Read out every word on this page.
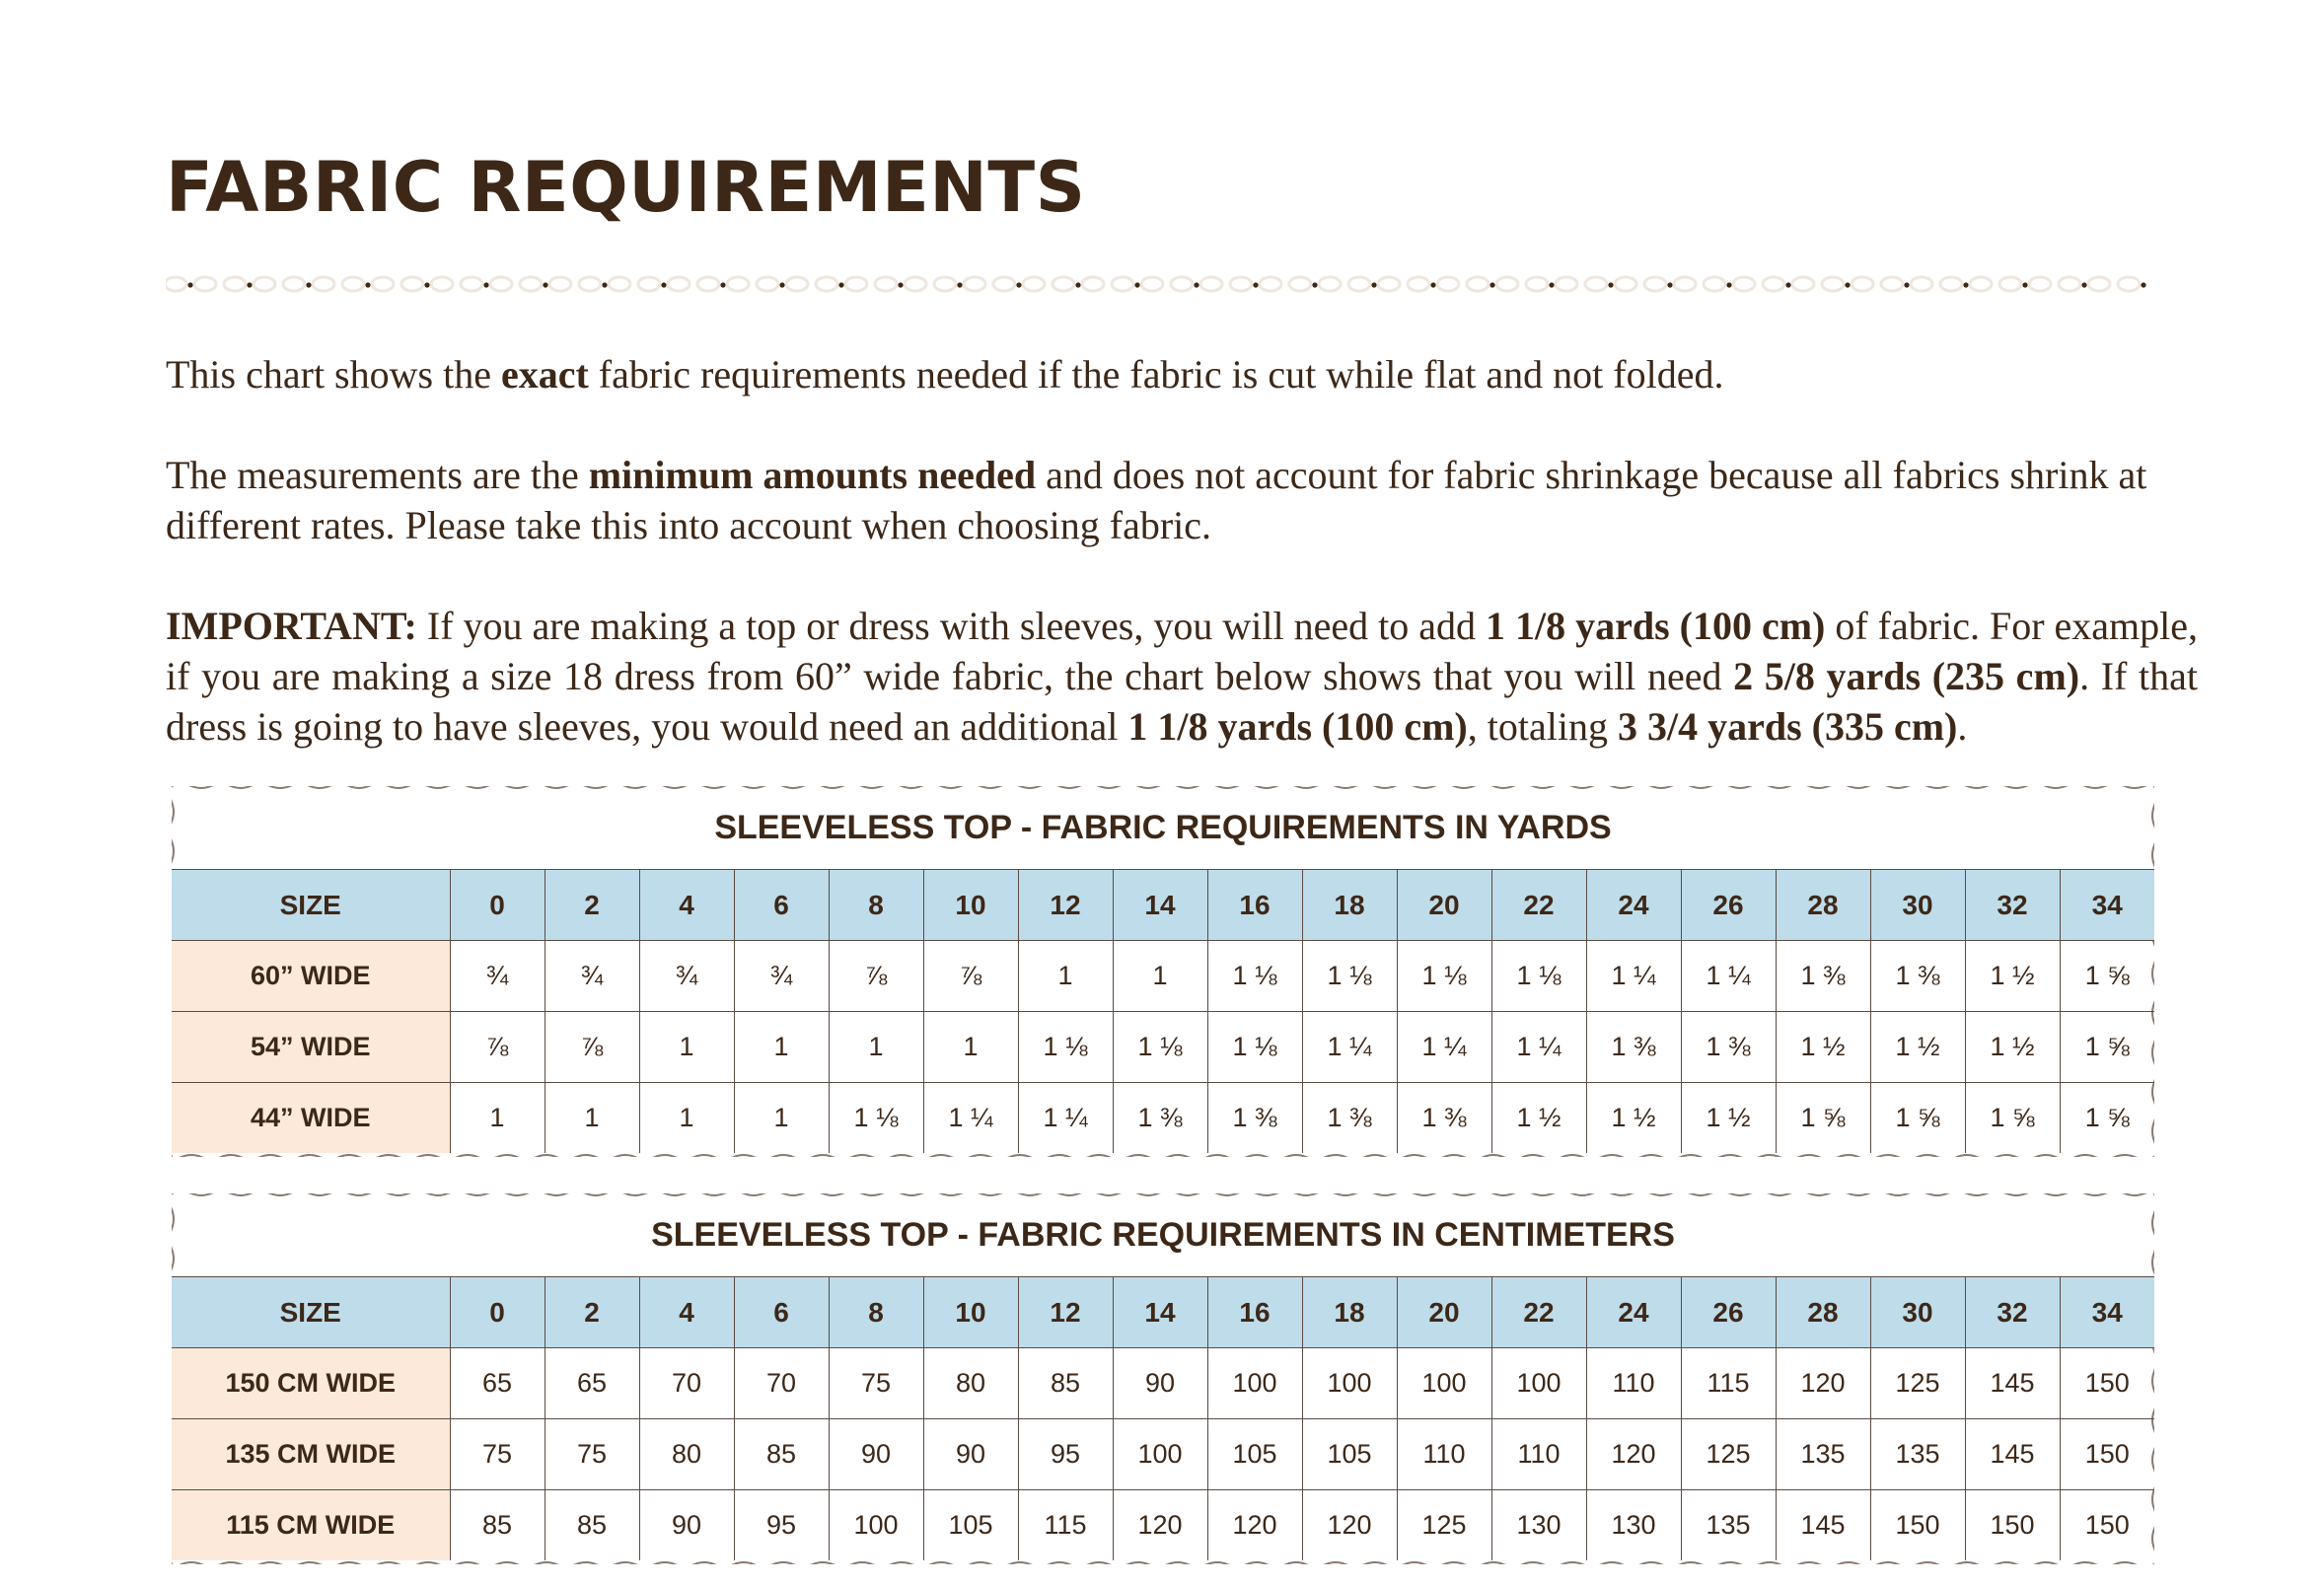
FABRIC REQUIREMENTS

This chart shows the exact fabric requirements needed if the fabric is cut while flat and not folded.

The measurements are the minimum amounts needed and does not account for fabric shrinkage because all fabrics shrink at different rates. Please take this into account when choosing fabric.

IMPORTANT: If you are making a top or dress with sleeves, you will need to add 1 1/8 yards (100 cm) of fabric. For example, if you are making a size 18 dress from 60” wide fabric, the chart below shows that you will need 2 5/8 yards (235 cm). If that dress is going to have sleeves, you would need an additional 1 1/8 yards (100 cm), totaling 3 3/4 yards (335 cm).

SLEEVELESS TOP - FABRIC REQUIREMENTS IN YARDS
SIZE	0	2	4	6	8	10	12	14	16	18	20	22	24	26	28	30	32	34
60” WIDE	¾	¾	¾	¾	⅞	⅞	1	1	1 ⅛	1 ⅛	1 ⅛	1 ⅛	1 ¼	1 ¼	1 ⅜	1 ⅜	1 ½	1 ⅝
54” WIDE	⅞	⅞	1	1	1	1	1 ⅛	1 ⅛	1 ⅛	1 ¼	1 ¼	1 ¼	1 ⅜	1 ⅜	1 ½	1 ½	1 ½	1 ⅝
44” WIDE	1	1	1	1	1 ⅛	1 ¼	1 ¼	1 ⅜	1 ⅜	1 ⅜	1 ⅜	1 ½	1 ½	1 ½	1 ⅝	1 ⅝	1 ⅝	1 ⅝
SLEEVELESS TOP - FABRIC REQUIREMENTS IN CENTIMETERS
SIZE	0	2	4	6	8	10	12	14	16	18	20	22	24	26	28	30	32	34
150 CM WIDE	65	65	70	70	75	80	85	90	100	100	100	100	110	115	120	125	145	150
135 CM WIDE	75	75	80	85	90	90	95	100	105	105	110	110	120	125	135	135	145	150
115 CM WIDE	85	85	90	95	100	105	115	120	120	120	125	130	130	135	145	150	150	150
